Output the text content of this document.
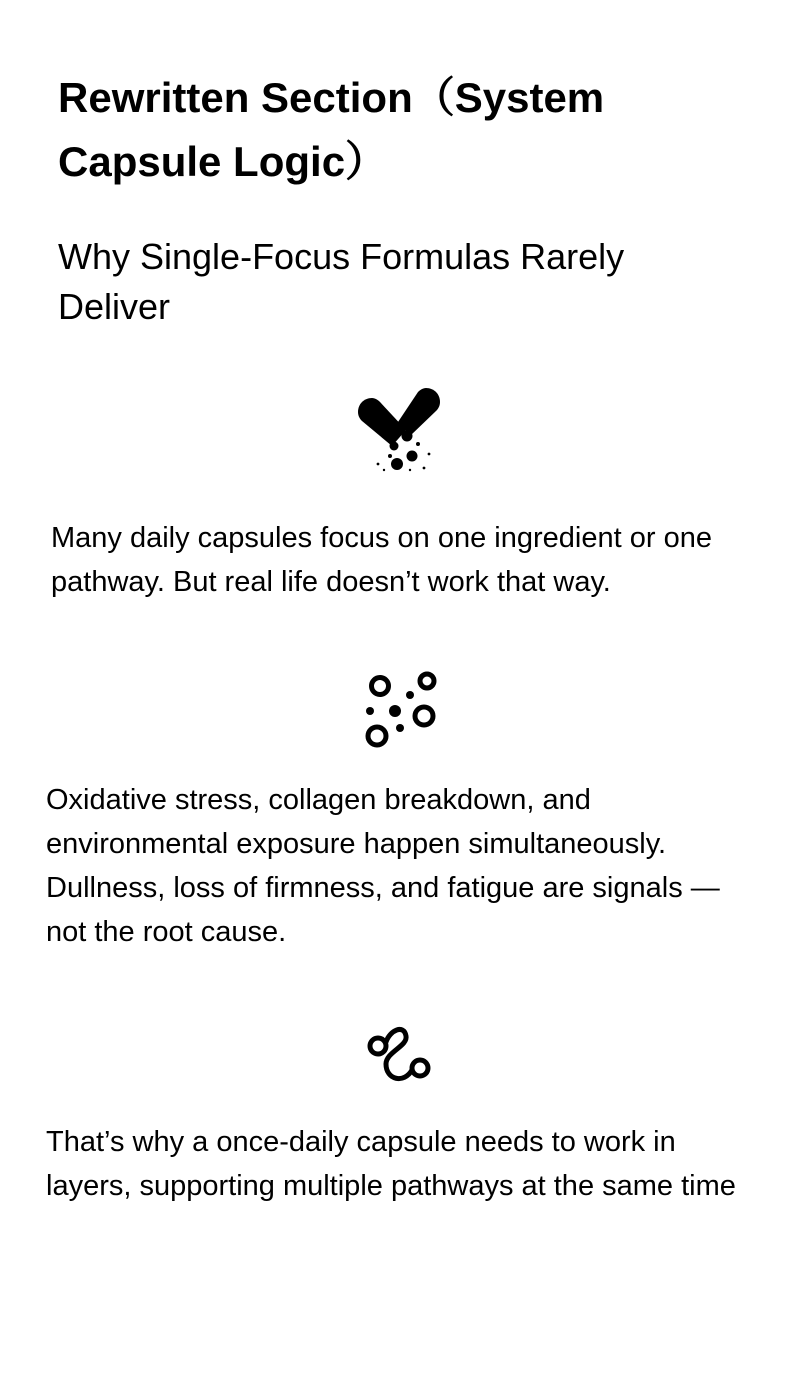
Rewritten Section（System Capsule Logic）
Why Single-Focus Formulas Rarely Deliver

Many daily capsules focus on one ingredient or one pathway. But real life doesn’t work that way.

Oxidative stress, collagen breakdown, and environmental exposure happen simultaneously. Dullness, loss of firmness, and fatigue are signals — not the root cause.

That’s why a once-daily capsule needs to work in layers, supporting multiple pathways at the same time
